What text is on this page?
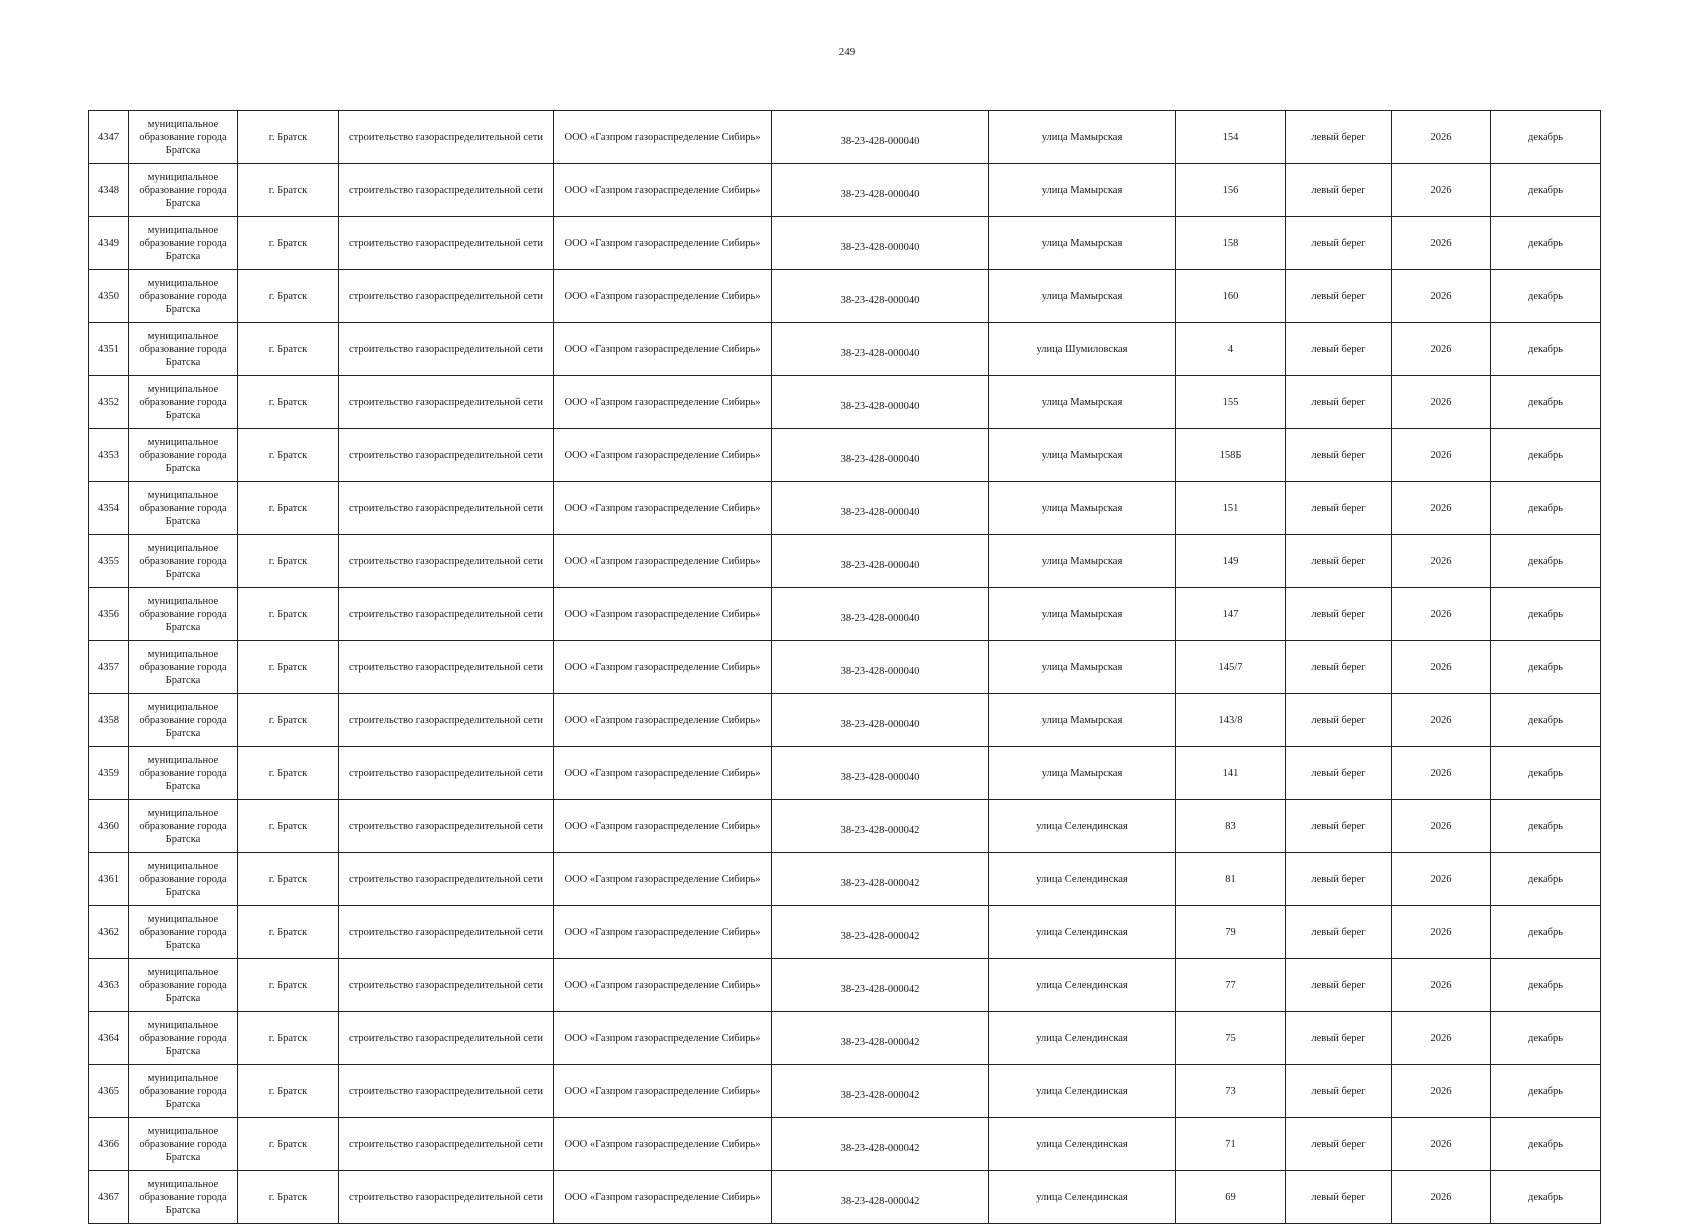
249
4347	муниципальное образование города Братска	г. Братск	строительство газораспределительной сети	ООО «Газпром газораспределение Сибирь»	38-23-428-000040	улица Мамырская	154	левый берег	2026	декабрь
4348	муниципальное образование города Братска	г. Братск	строительство газораспределительной сети	ООО «Газпром газораспределение Сибирь»	38-23-428-000040	улица Мамырская	156	левый берег	2026	декабрь
4349	муниципальное образование города Братска	г. Братск	строительство газораспределительной сети	ООО «Газпром газораспределение Сибирь»	38-23-428-000040	улица Мамырская	158	левый берег	2026	декабрь
4350	муниципальное образование города Братска	г. Братск	строительство газораспределительной сети	ООО «Газпром газораспределение Сибирь»	38-23-428-000040	улица Мамырская	160	левый берег	2026	декабрь
4351	муниципальное образование города Братска	г. Братск	строительство газораспределительной сети	ООО «Газпром газораспределение Сибирь»	38-23-428-000040	улица Шумиловская	4	левый берег	2026	декабрь
4352	муниципальное образование города Братска	г. Братск	строительство газораспределительной сети	ООО «Газпром газораспределение Сибирь»	38-23-428-000040	улица Мамырская	155	левый берег	2026	декабрь
4353	муниципальное образование города Братска	г. Братск	строительство газораспределительной сети	ООО «Газпром газораспределение Сибирь»	38-23-428-000040	улица Мамырская	158Б	левый берег	2026	декабрь
4354	муниципальное образование города Братска	г. Братск	строительство газораспределительной сети	ООО «Газпром газораспределение Сибирь»	38-23-428-000040	улица Мамырская	151	левый берег	2026	декабрь
4355	муниципальное образование города Братска	г. Братск	строительство газораспределительной сети	ООО «Газпром газораспределение Сибирь»	38-23-428-000040	улица Мамырская	149	левый берег	2026	декабрь
4356	муниципальное образование города Братска	г. Братск	строительство газораспределительной сети	ООО «Газпром газораспределение Сибирь»	38-23-428-000040	улица Мамырская	147	левый берег	2026	декабрь
4357	муниципальное образование города Братска	г. Братск	строительство газораспределительной сети	ООО «Газпром газораспределение Сибирь»	38-23-428-000040	улица Мамырская	145/7	левый берег	2026	декабрь
4358	муниципальное образование города Братска	г. Братск	строительство газораспределительной сети	ООО «Газпром газораспределение Сибирь»	38-23-428-000040	улица Мамырская	143/8	левый берег	2026	декабрь
4359	муниципальное образование города Братска	г. Братск	строительство газораспределительной сети	ООО «Газпром газораспределение Сибирь»	38-23-428-000040	улица Мамырская	141	левый берег	2026	декабрь
4360	муниципальное образование города Братска	г. Братск	строительство газораспределительной сети	ООО «Газпром газораспределение Сибирь»	38-23-428-000042	улица Селендинская	83	левый берег	2026	декабрь
4361	муниципальное образование города Братска	г. Братск	строительство газораспределительной сети	ООО «Газпром газораспределение Сибирь»	38-23-428-000042	улица Селендинская	81	левый берег	2026	декабрь
4362	муниципальное образование города Братска	г. Братск	строительство газораспределительной сети	ООО «Газпром газораспределение Сибирь»	38-23-428-000042	улица Селендинская	79	левый берег	2026	декабрь
4363	муниципальное образование города Братска	г. Братск	строительство газораспределительной сети	ООО «Газпром газораспределение Сибирь»	38-23-428-000042	улица Селендинская	77	левый берег	2026	декабрь
4364	муниципальное образование города Братска	г. Братск	строительство газораспределительной сети	ООО «Газпром газораспределение Сибирь»	38-23-428-000042	улица Селендинская	75	левый берег	2026	декабрь
4365	муниципальное образование города Братска	г. Братск	строительство газораспределительной сети	ООО «Газпром газораспределение Сибирь»	38-23-428-000042	улица Селендинская	73	левый берег	2026	декабрь
4366	муниципальное образование города Братска	г. Братск	строительство газораспределительной сети	ООО «Газпром газораспределение Сибирь»	38-23-428-000042	улица Селендинская	71	левый берег	2026	декабрь
4367	муниципальное образование города Братска	г. Братск	строительство газораспределительной сети	ООО «Газпром газораспределение Сибирь»	38-23-428-000042	улица Селендинская	69	левый берег	2026	декабрь
